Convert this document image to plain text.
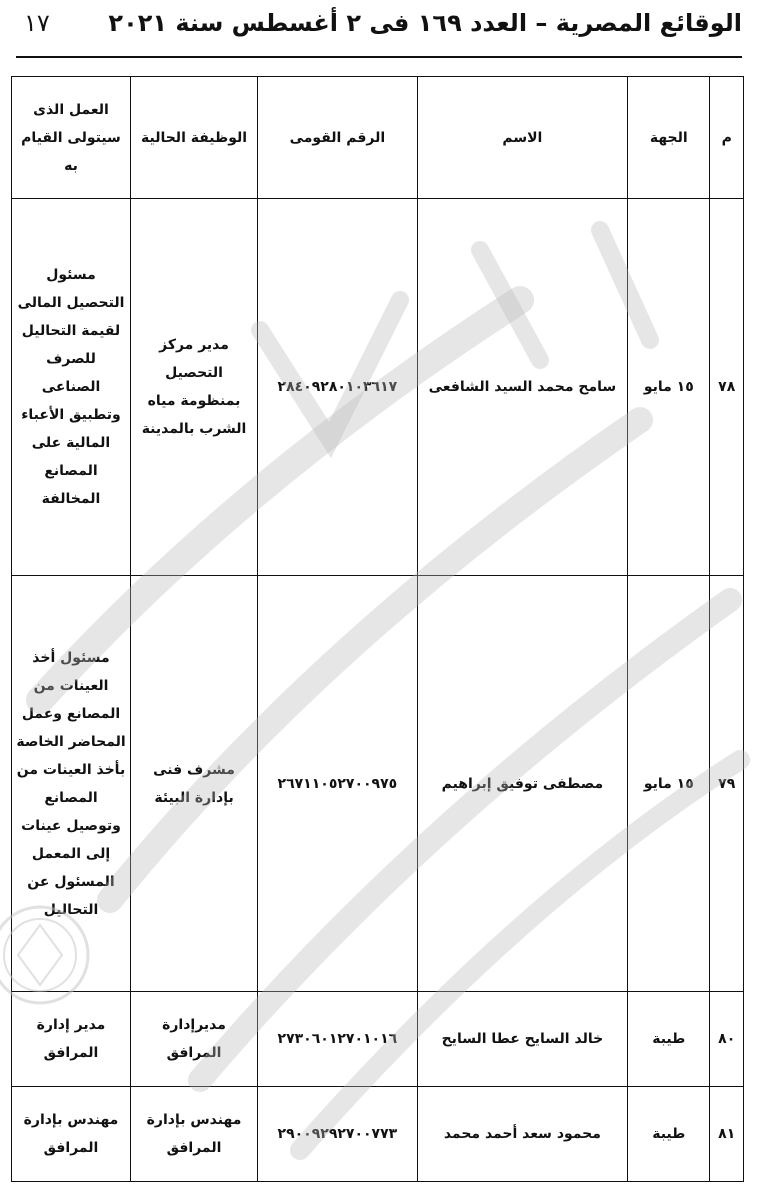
الوقائع المصرية – العدد ١٦٩ فى ٢ أغسطس سنة ٢٠٢١
١٧
م	الجهة	الاسم	الرقم القومى	الوظيفة الحالية	العمل الذى سيتولى القيام به
٧٨	١٥ مايو	سامح محمد السيد الشافعى	٢٨٤٠٩٢٨٠١٠٣٦١٧	مدير مركز التحصيل بمنظومة مياه الشرب بالمدينة	مسئول التحصيل المالى لقيمة التحاليل للصرف الصناعى وتطبيق الأعباء المالية على المصانع المخالفة
٧٩	١٥ مايو	مصطفى توفيق إبراهيم	٢٦٧١١٠٥٢٧٠٠٩٧٥	مشرف فنى بإدارة البيئة	مسئول أخذ العينات من المصانع وعمل المحاضر الخاصة بأخذ العينات من المصانع وتوصيل عينات إلى المعمل المسئول عن التحاليل
٨٠	طيبة	خالد السايح عطا السايح	٢٧٣٠٦٠١٢٧٠١٠١٦	مديرإدارة المرافق	مدير إدارة المرافق
٨١	طيبة	محمود سعد أحمد محمد	٢٩٠٠٩٢٩٢٧٠٠٧٧٣	مهندس بإدارة المرافق	مهندس بإدارة المرافق
